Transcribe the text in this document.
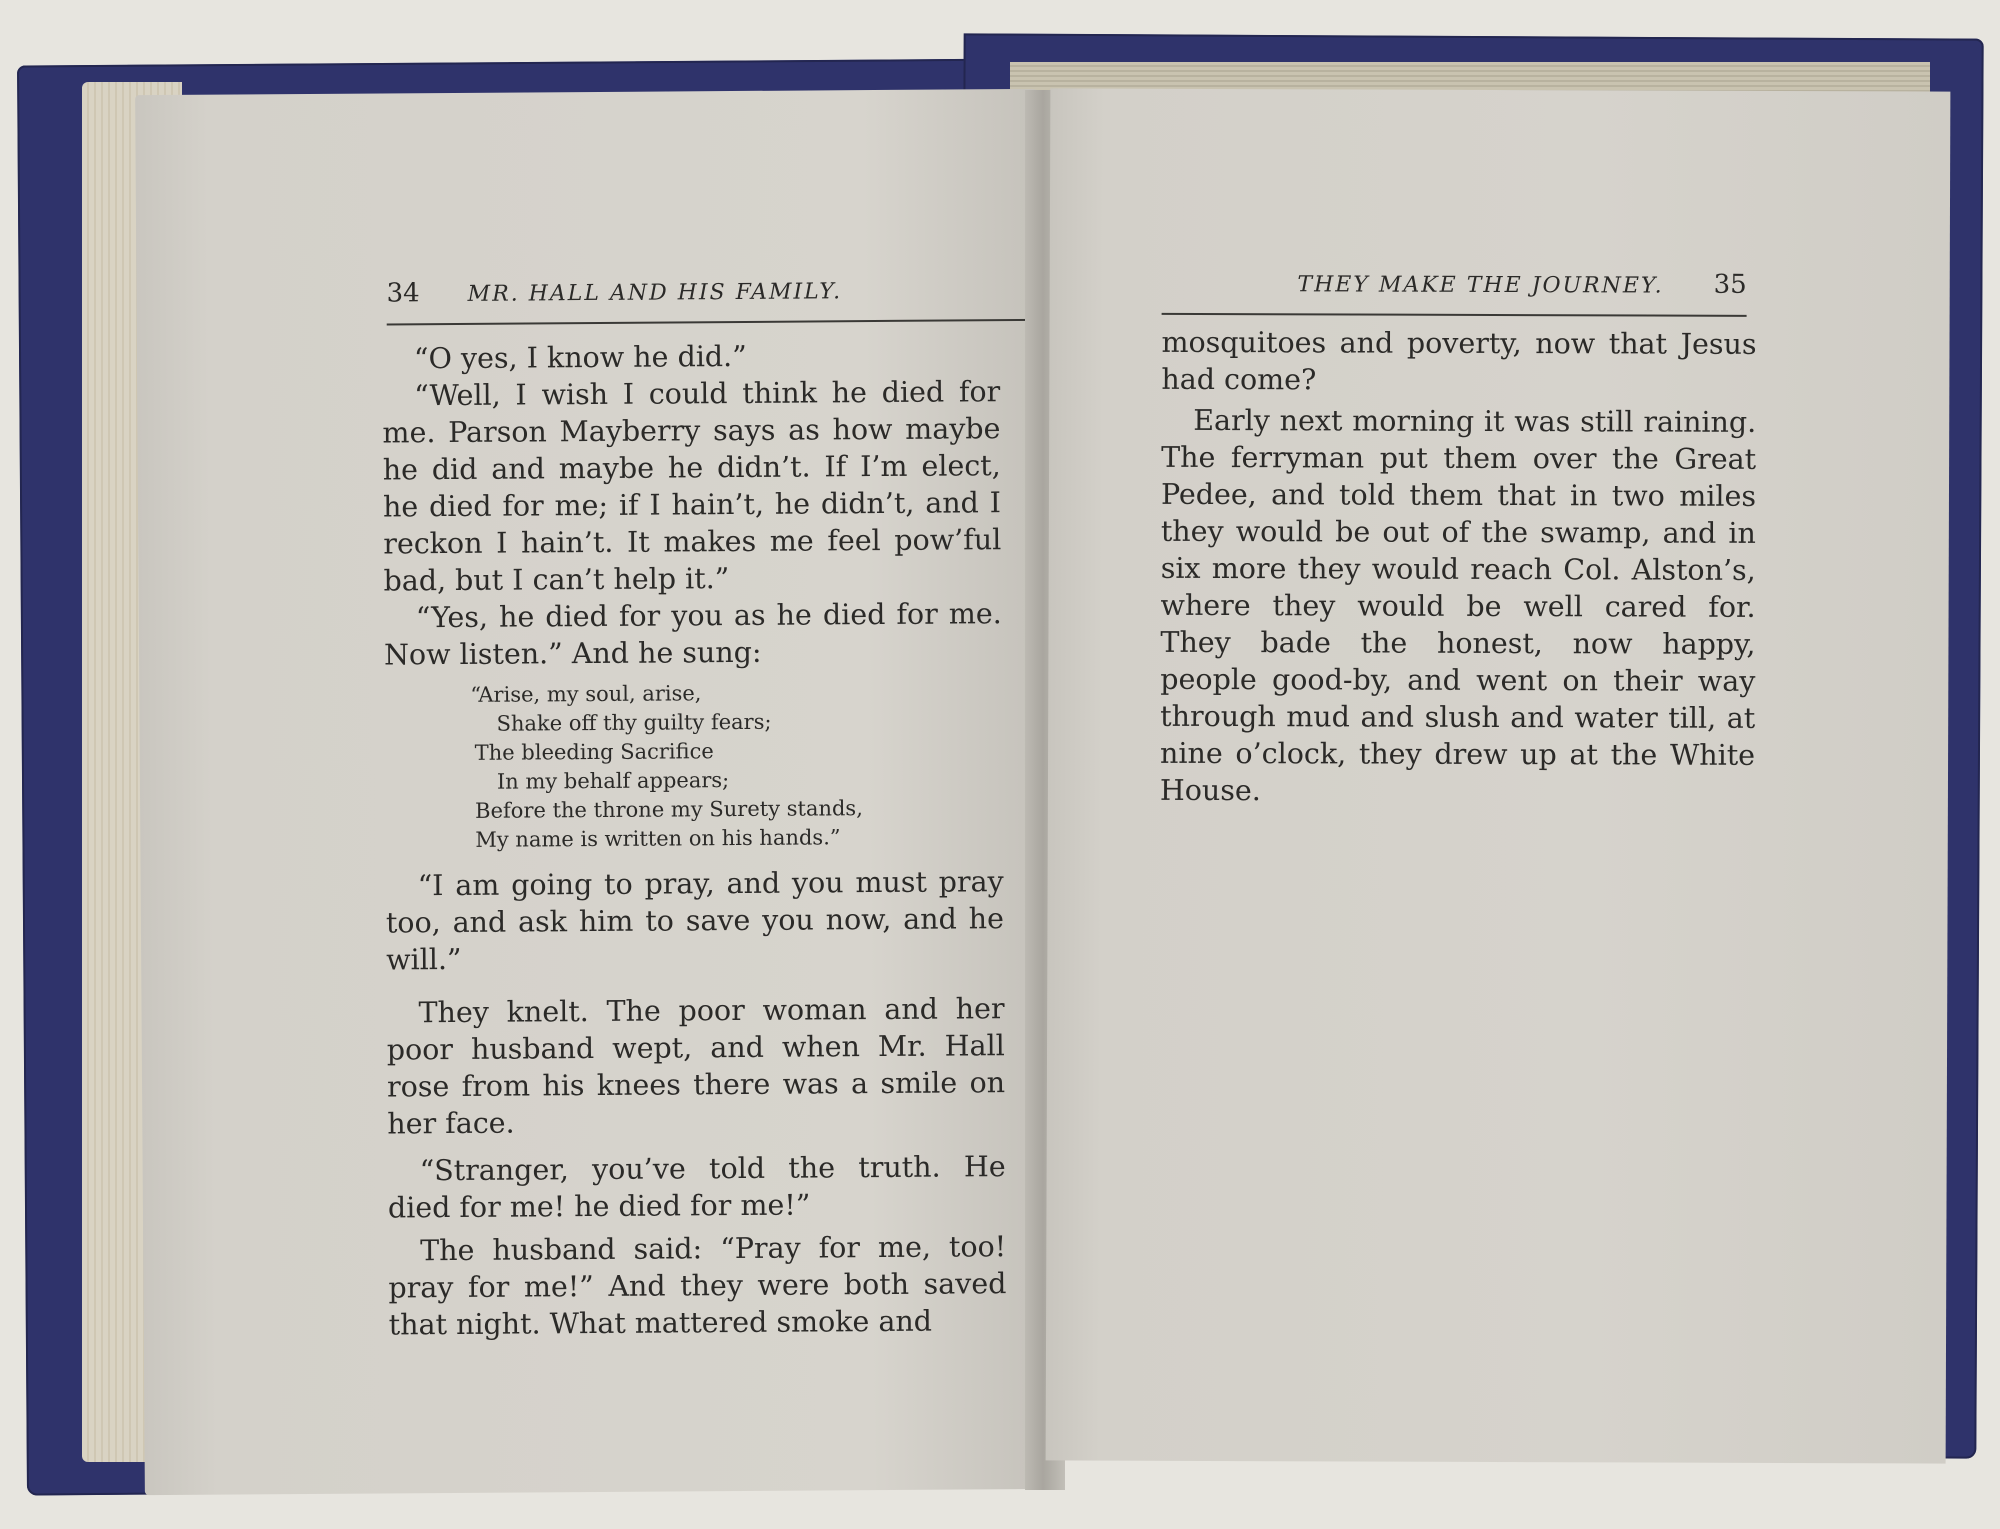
34 MR. HALL AND HIS FAMILY.

“O yes, I know he did.”

“Well, I wish I could think he died for me. Parson Mayberry says as how maybe he did and maybe he didn’t. If I’m elect, he died for me; if I hain’t, he didn’t, and I reckon I hain’t. It makes me feel pow’ful bad, but I can’t help it.”

“Yes, he died for you as he died for me. Now listen.” And he sung:

“Arise, my soul, arise,
Shake off thy guilty fears;
The bleeding Sacrifice
In my behalf appears;
Before the throne my Surety stands,
My name is written on his hands.”

“I am going to pray, and you must pray too, and ask him to save you now, and he will.”

They knelt. The poor woman and her poor husband wept, and when Mr. Hall rose from his knees there was a smile on her face.

“Stranger, you’ve told the truth. He died for me! he died for me!”

The husband said: “Pray for me, too! pray for me!” And they were both saved that night. What mattered smoke and

THEY MAKE THE JOURNEY. 35

mosquitoes and poverty, now that Jesus had come?

Early next morning it was still raining. The ferryman put them over the Great Pedee, and told them that in two miles they would be out of the swamp, and in six more they would reach Col. Alston’s, where they would be well cared for. They bade the honest, now happy, people good-by, and went on their way through mud and slush and water till, at nine o’clock, they drew up at the White House.
